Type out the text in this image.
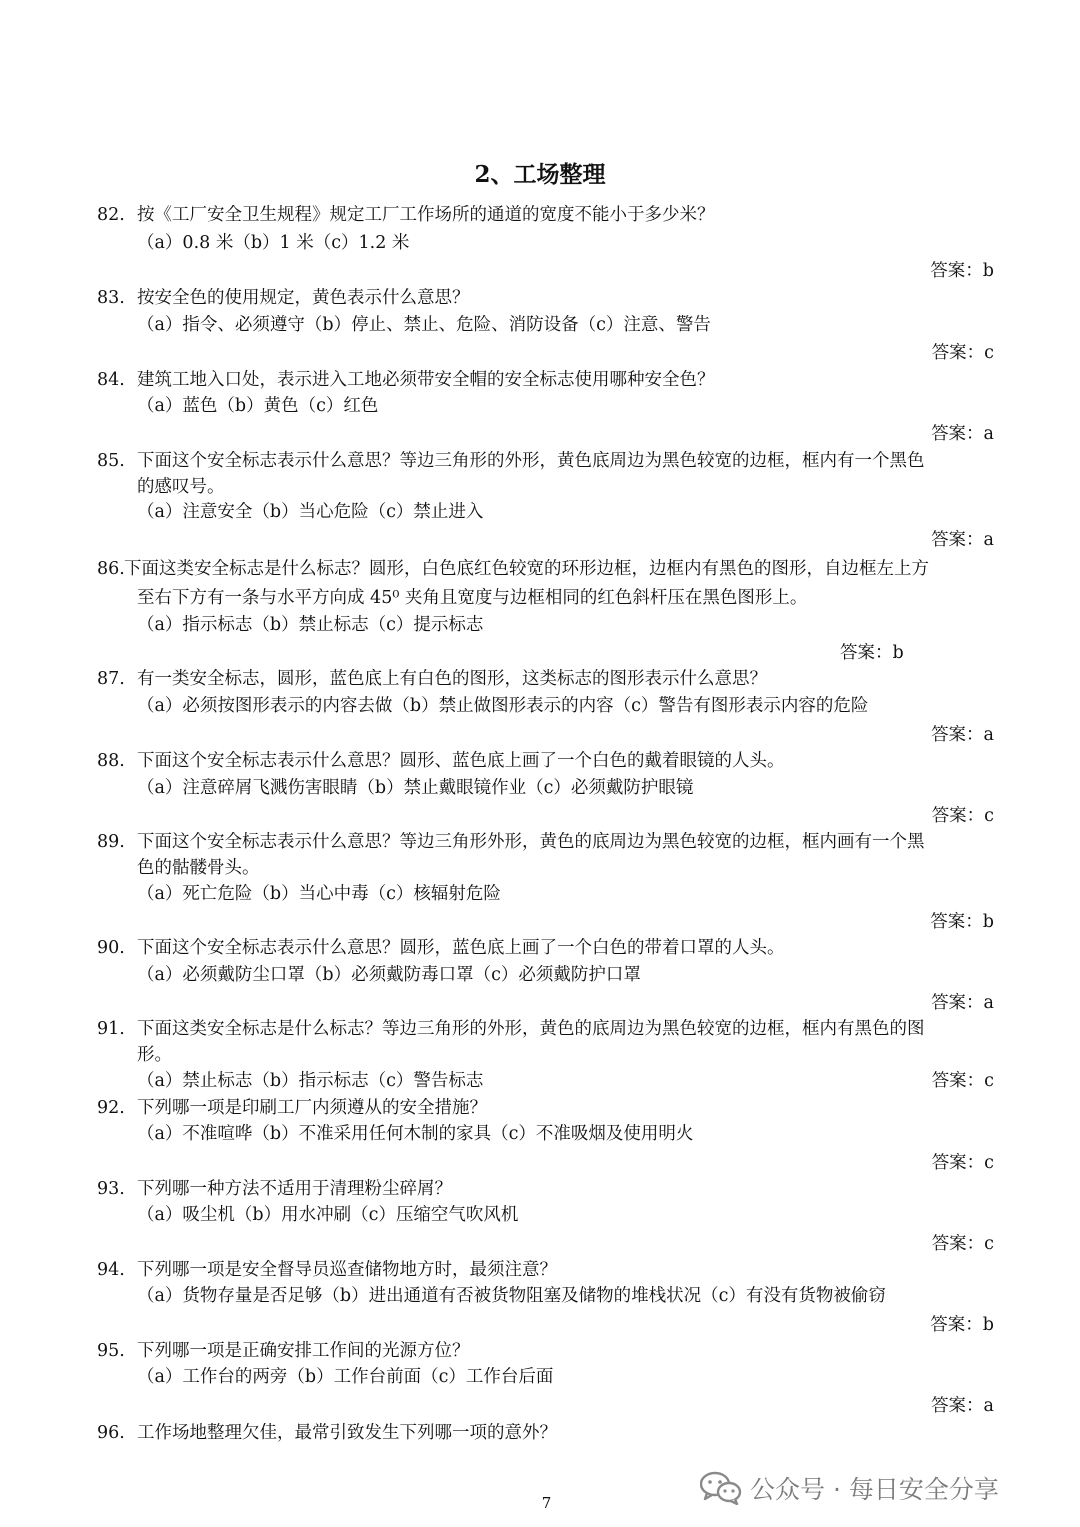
2、工场整理
82. 按《工厂安全卫生规程》规定工厂工作场所的通道的宽度不能小于多少米？
（a）0.8 米（b）1 米（c）1.2 米
答案：b
83. 按安全色的使用规定，黄色表示什么意思？
（a）指令、必须遵守（b）停止、禁止、危险、消防设备（c）注意、警告
答案：c
84. 建筑工地入口处，表示进入工地必须带安全帽的安全标志使用哪种安全色？
（a）蓝色（b）黄色（c）红色
答案：a
85. 下面这个安全标志表示什么意思？等边三角形的外形，黄色底周边为黑色较宽的边框，框内有一个黑色
的感叹号。
（a）注意安全（b）当心危险（c）禁止进入
答案：a
86. 下面这类安全标志是什么标志？圆形，白色底红色较宽的环形边框，边框内有黑色的图形，自边框左上方
至右下方有一条与水平方向成 45⁰ 夹角且宽度与边框相同的红色斜杆压在黑色图形上。
（a）指示标志（b）禁止标志（c）提示标志
答案：b
87. 有一类安全标志，圆形，蓝色底上有白色的图形，这类标志的图形表示什么意思？
（a）必须按图形表示的内容去做（b）禁止做图形表示的内容（c）警告有图形表示内容的危险
答案：a
88. 下面这个安全标志表示什么意思？圆形、蓝色底上画了一个白色的戴着眼镜的人头。
（a）注意碎屑飞溅伤害眼睛（b）禁止戴眼镜作业（c）必须戴防护眼镜
答案：c
89. 下面这个安全标志表示什么意思？等边三角形外形，黄色的底周边为黑色较宽的边框，框内画有一个黑
色的骷髅骨头。
（a）死亡危险（b）当心中毒（c）核辐射危险
答案：b
90. 下面这个安全标志表示什么意思？圆形，蓝色底上画了一个白色的带着口罩的人头。
（a）必须戴防尘口罩（b）必须戴防毒口罩（c）必须戴防护口罩
答案：a
91. 下面这类安全标志是什么标志？等边三角形的外形，黄色的底周边为黑色较宽的边框，框内有黑色的图
形。
（a）禁止标志（b）指示标志（c）警告标志	答案：c
92. 下列哪一项是印刷工厂内须遵从的安全措施？
（a）不准喧哗（b）不准采用任何木制的家具（c）不准吸烟及使用明火
答案：c
93. 下列哪一种方法不适用于清理粉尘碎屑？
（a）吸尘机（b）用水冲刷（c）压缩空气吹风机
答案：c
94. 下列哪一项是安全督导员巡查储物地方时，最须注意？
（a）货物存量是否足够（b）进出通道有否被货物阻塞及储物的堆栈状况（c）有没有货物被偷窃
答案：b
95. 下列哪一项是正确安排工作间的光源方位？
（a）工作台的两旁（b）工作台前面（c）工作台后面
答案：a
96. 工作场地整理欠佳，最常引致发生下列哪一项的意外？
7	公众号 · 每日安全分享
